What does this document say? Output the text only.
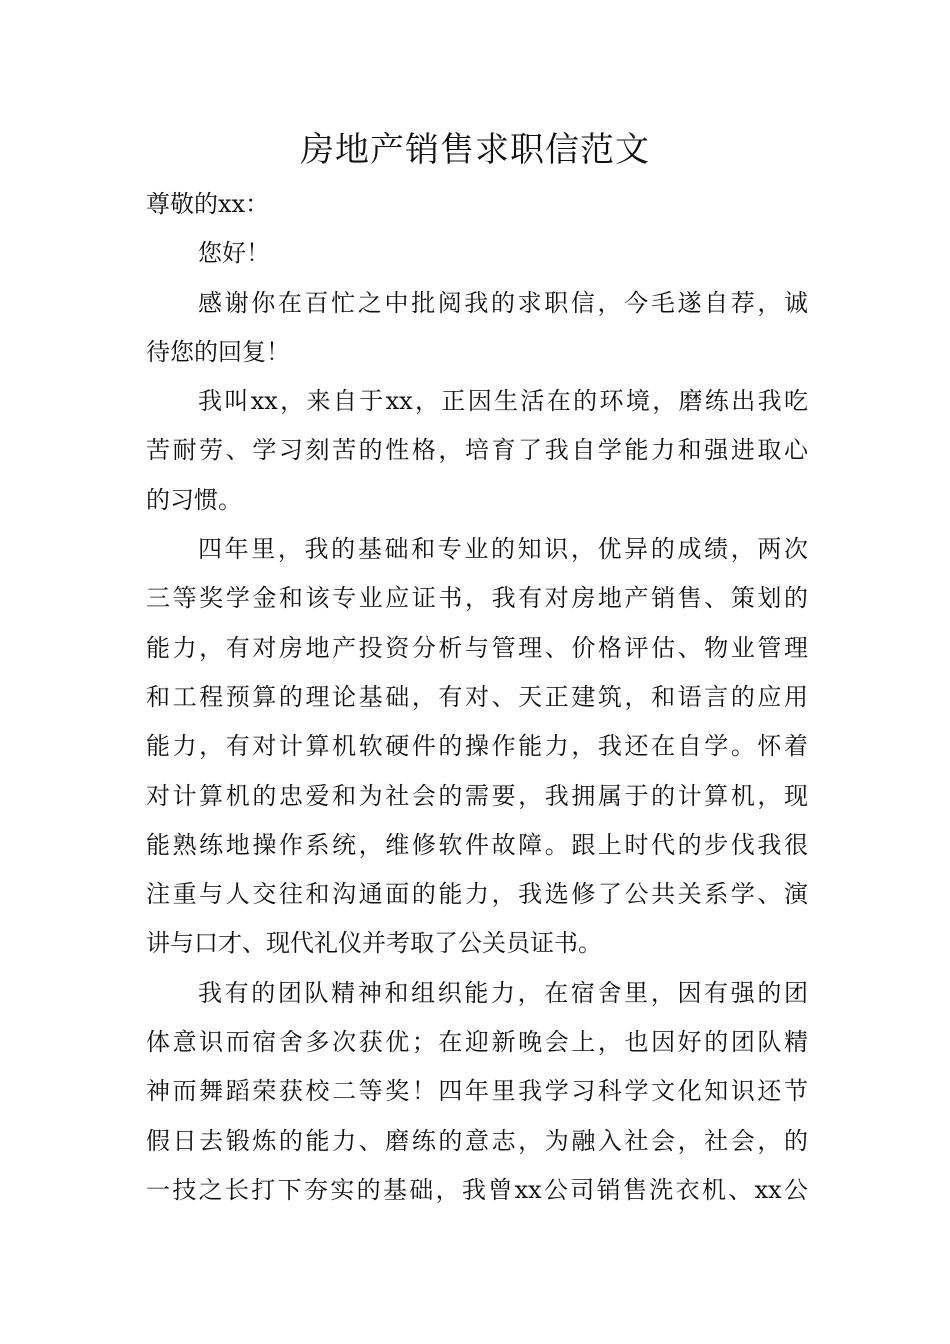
房地产销售求职信范文
尊敬的xx：
您好！
感谢你在百忙之中批阅我的求职信，今毛遂自荐，诚
待您的回复！
我叫xx，来自于xx，正因生活在的环境，磨练出我吃
苦耐劳、学习刻苦的性格，培育了我自学能力和强进取心
的习惯。
四年里，我的基础和专业的知识，优异的成绩，两次
三等奖学金和该专业应证书，我有对房地产销售、策划的
能力，有对房地产投资分析与管理、价格评估、物业管理
和工程预算的理论基础，有对、天正建筑，和语言的应用
能力，有对计算机软硬件的操作能力，我还在自学。怀着
对计算机的忠爱和为社会的需要，我拥属于的计算机，现
能熟练地操作系统，维修软件故障。跟上时代的步伐我很
注重与人交往和沟通面的能力，我选修了公共关系学、演
讲与口才、现代礼仪并考取了公关员证书。
我有的团队精神和组织能力，在宿舍里，因有强的团
体意识而宿舍多次获优；在迎新晚会上，也因好的团队精
神而舞蹈荣获校二等奖！四年里我学习科学文化知识还节
假日去锻炼的能力、磨练的意志，为融入社会，社会，的
一技之长打下夯实的基础，我曾xx公司销售洗衣机、xx公
